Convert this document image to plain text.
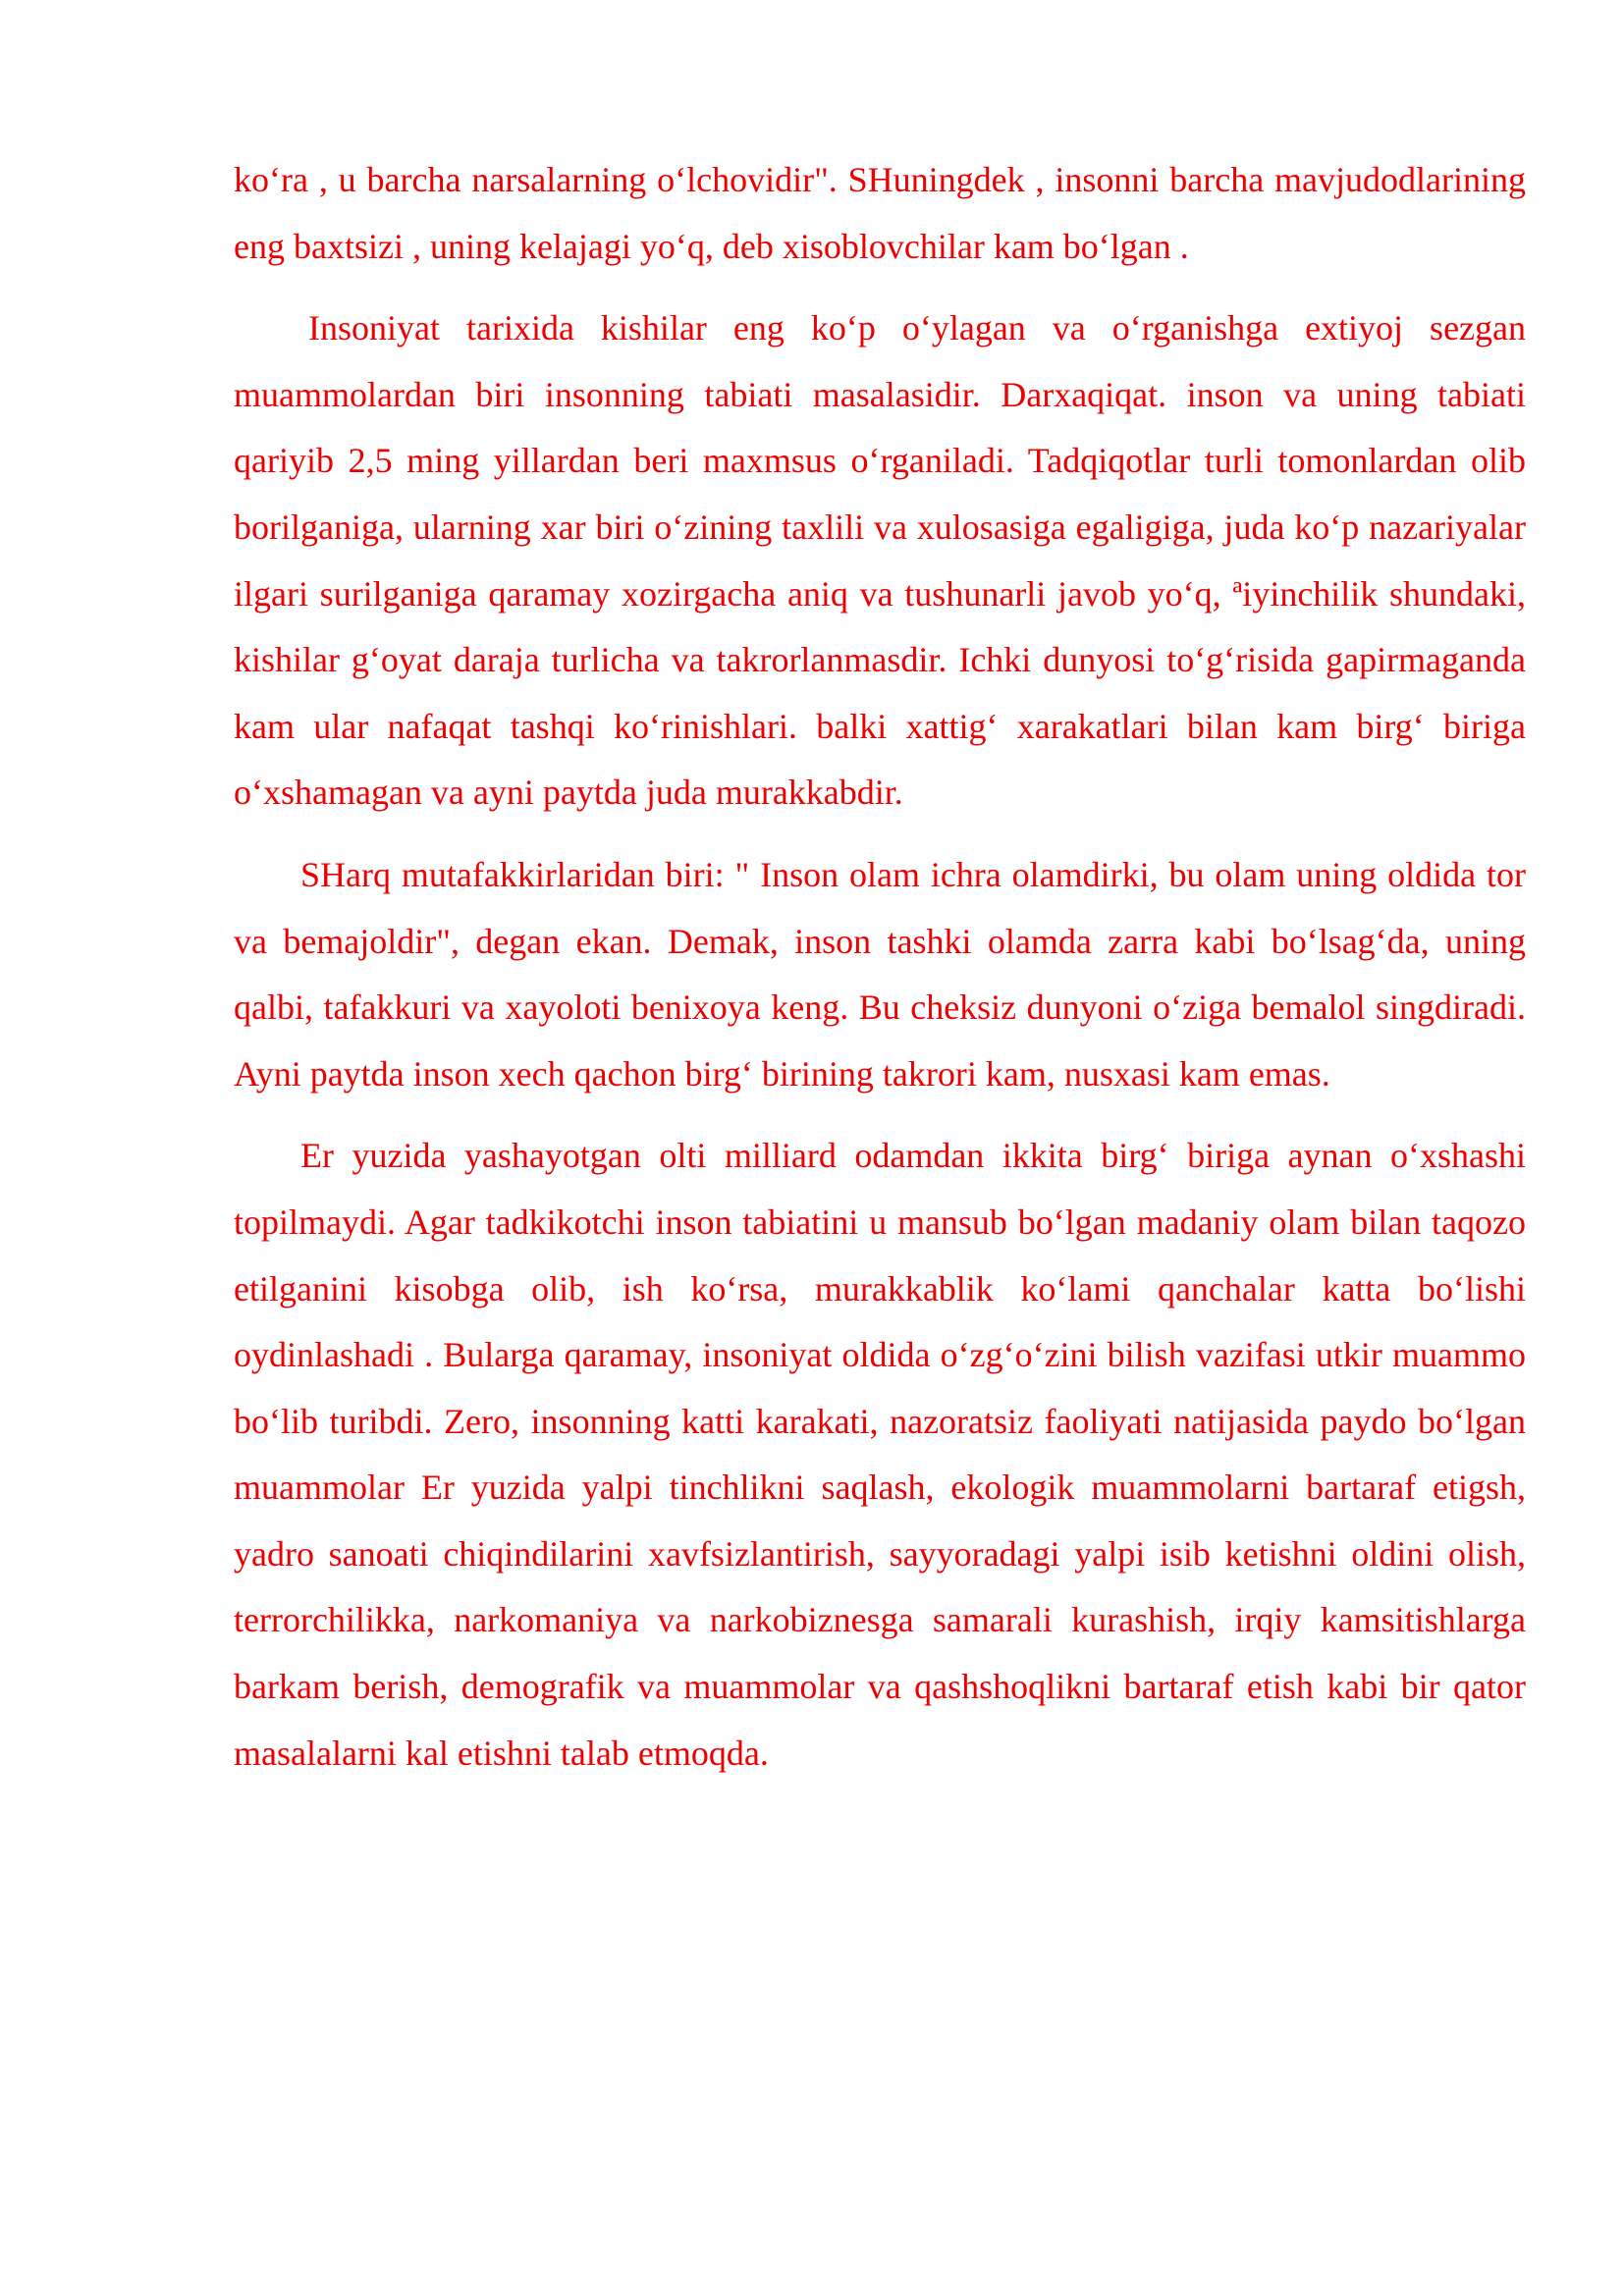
ko‘ra , u barcha narsalarning o‘lchovidir". SHuningdek , insonni barcha mavjudodlarining eng baxtsizi , uning kelajagi yo‘q, deb xisoblovchilar kam bo‘lgan .

Insoniyat tarixida kishilar eng ko‘p o‘ylagan va o‘rganishga extiyoj sezgan muammolardan biri insonning tabiati masalasidir. Darxaqiqat. inson va uning tabiati qariyib 2,5 ming yillardan beri maxmsus o‘rganiladi. Tadqiqotlar turli tomonlardan olib borilganiga, ularning xar biri o‘zining taxlili va xulosasiga egaligiga, juda ko‘p nazariyalar ilgari surilganiga qaramay xozirgacha aniq va tushunarli javob yo‘q, ªiyinchilik shundaki, kishilar g‘oyat daraja turlicha va takrorlanmasdir. Ichki dunyosi to‘g‘risida gapirmaganda kam ular nafaqat tashqi ko‘rinishlari. balki xattig‘ xarakatlari bilan kam birg‘ biriga o‘xshamagan va ayni paytda juda murakkabdir.

SHarq mutafakkirlaridan biri: " Inson olam ichra olamdirki, bu olam uning oldida tor va bemajoldir", degan ekan. Demak, inson tashki olamda zarra kabi bo‘lsag‘da, uning qalbi, tafakkuri va xayoloti benixoya keng. Bu cheksiz dunyoni o‘ziga bemalol singdiradi. Ayni paytda inson xech qachon birg‘ birining takrori kam, nusxasi kam emas.

Er yuzida yashayotgan olti milliard odamdan ikkita birg‘ biriga aynan o‘xshashi topilmaydi. Agar tadkikotchi inson tabiatini u mansub bo‘lgan madaniy olam bilan taqozo etilganini kisobga olib, ish ko‘rsa, murakkablik ko‘lami qanchalar katta bo‘lishi oydinlashadi . Bularga qaramay, insoniyat oldida o‘zg‘o‘zini bilish vazifasi utkir muammo bo‘lib turibdi. Zero, insonning katti karakati, nazoratsiz faoliyati natijasida paydo bo‘lgan muammolar Er yuzida yalpi tinchlikni saqlash, ekologik muammolarni bartaraf etigsh, yadro sanoati chiqindilarini xavfsizlantirish, sayyoradagi yalpi isib ketishni oldini olish, terrorchilikka, narkomaniya va narkobiznesga samarali kurashish, irqiy kamsitishlarga barkam berish, demografik va muammolar va qashshoqlikni bartaraf etish kabi bir qator masalalarni kal etishni talab etmoqda.
